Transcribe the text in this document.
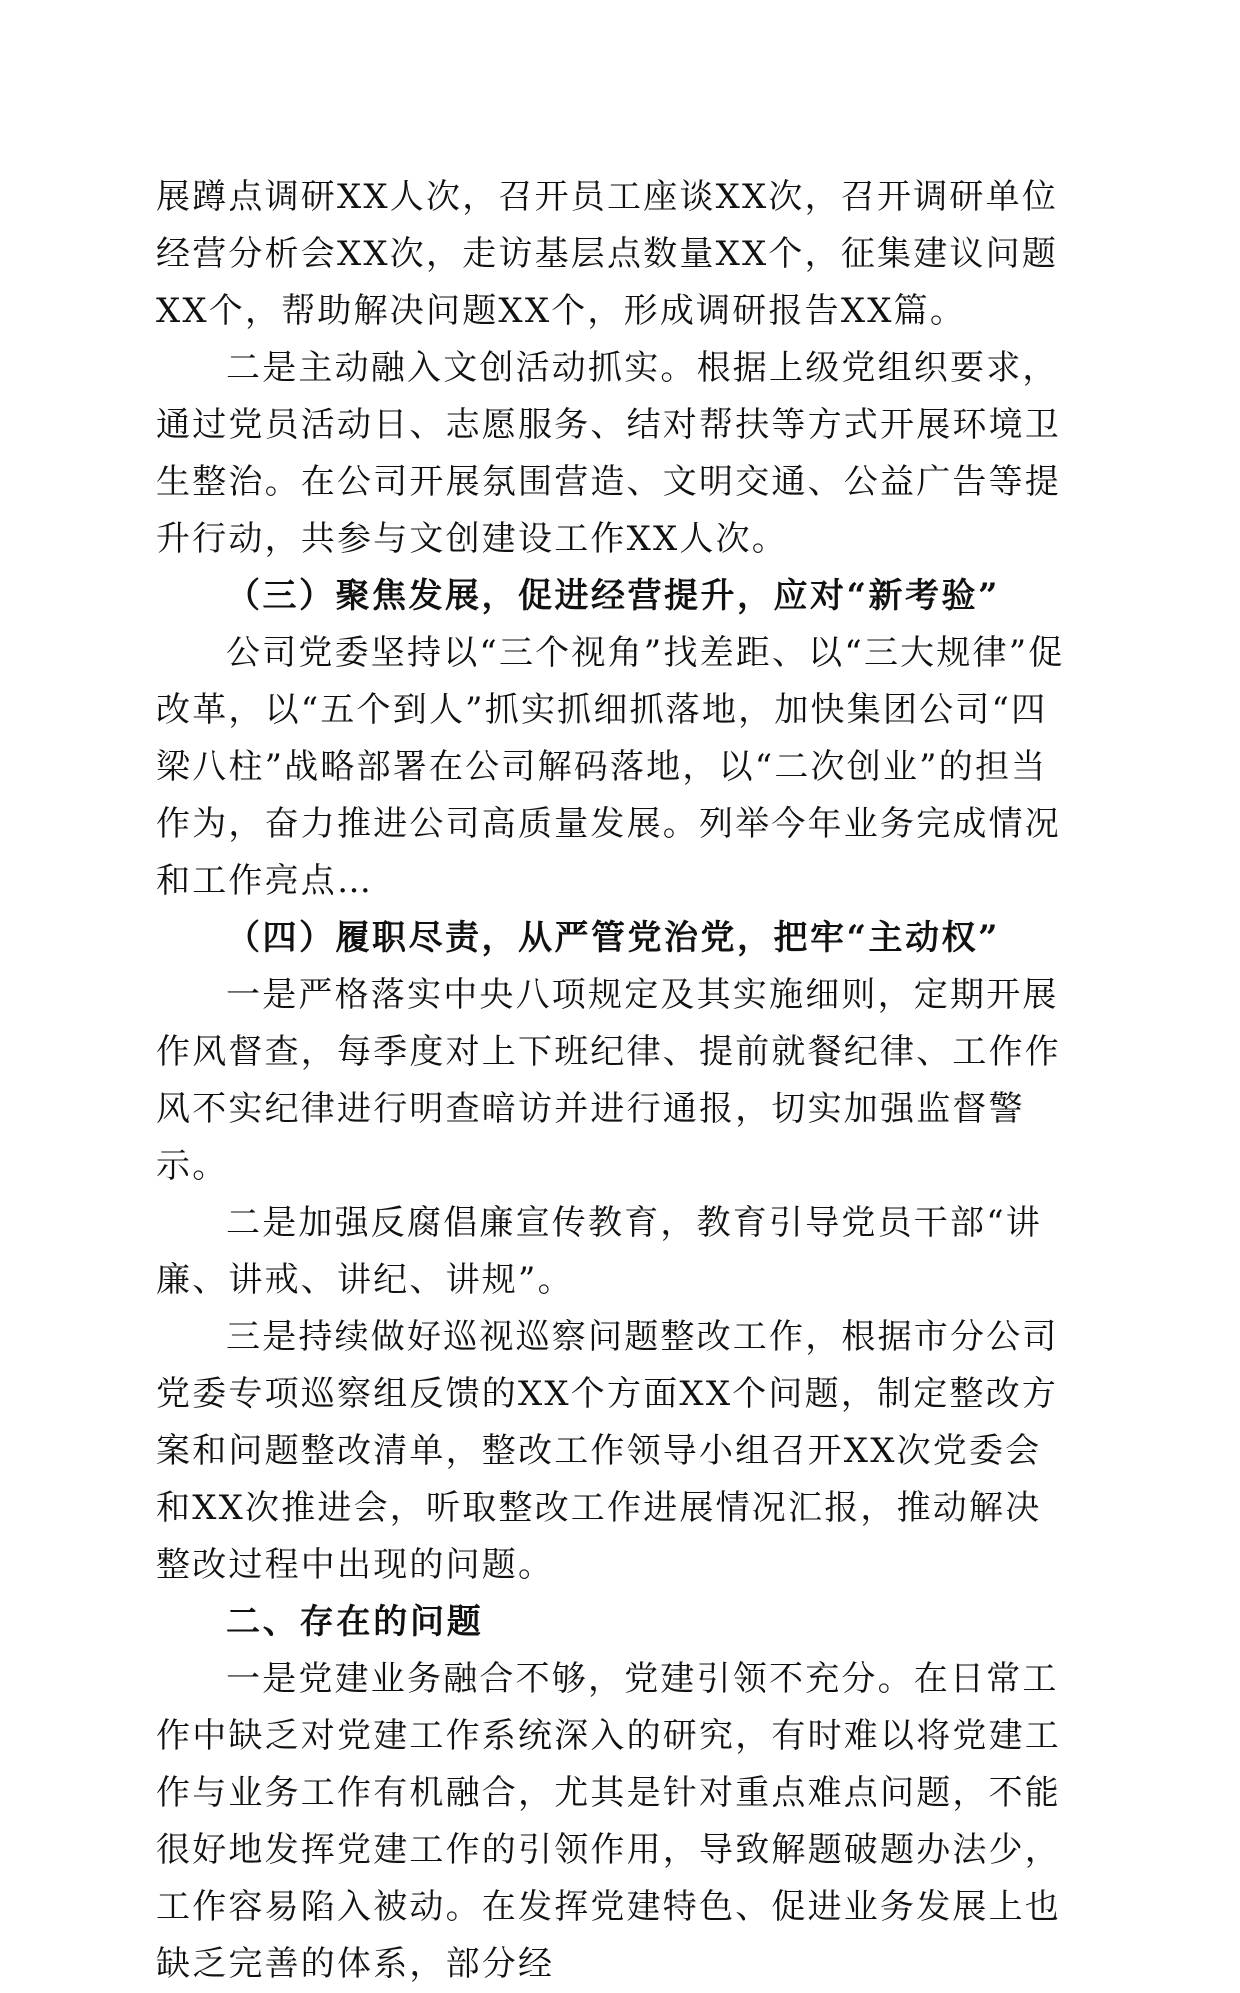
展蹲点调研XX人次，召开员工座谈XX次，召开调研单位经营分析会XX次，走访基层点数量XX个，征集建议问题XX个，帮助解决问题XX个，形成调研报告XX篇。

二是主动融入文创活动抓实。根据上级党组织要求，通过党员活动日、志愿服务、结对帮扶等方式开展环境卫生整治。在公司开展氛围营造、文明交通、公益广告等提升行动，共参与文创建设工作XX人次。

（三）聚焦发展，促进经营提升，应对“新考验”

公司党委坚持以“三个视角”找差距、以“三大规律”促改革，以“五个到人”抓实抓细抓落地，加快集团公司“四梁八柱”战略部署在公司解码落地，以“二次创业”的担当作为，奋力推进公司高质量发展。列举今年业务完成情况和工作亮点…

（四）履职尽责，从严管党治党，把牢“主动权”

一是严格落实中央八项规定及其实施细则，定期开展作风督查，每季度对上下班纪律、提前就餐纪律、工作作风不实纪律进行明查暗访并进行通报，切实加强监督警示。

二是加强反腐倡廉宣传教育，教育引导党员干部“讲廉、讲戒、讲纪、讲规”。

三是持续做好巡视巡察问题整改工作，根据市分公司党委专项巡察组反馈的XX个方面XX个问题，制定整改方案和问题整改清单，整改工作领导小组召开XX次党委会和XX次推进会，听取整改工作进展情况汇报，推动解决整改过程中出现的问题。

二、存在的问题

一是党建业务融合不够，党建引领不充分。在日常工作中缺乏对党建工作系统深入的研究，有时难以将党建工作与业务工作有机融合，尤其是针对重点难点问题，不能很好地发挥党建工作的引领作用，导致解题破题办法少，工作容易陷入被动。在发挥党建特色、促进业务发展上也缺乏完善的体系，部分经
